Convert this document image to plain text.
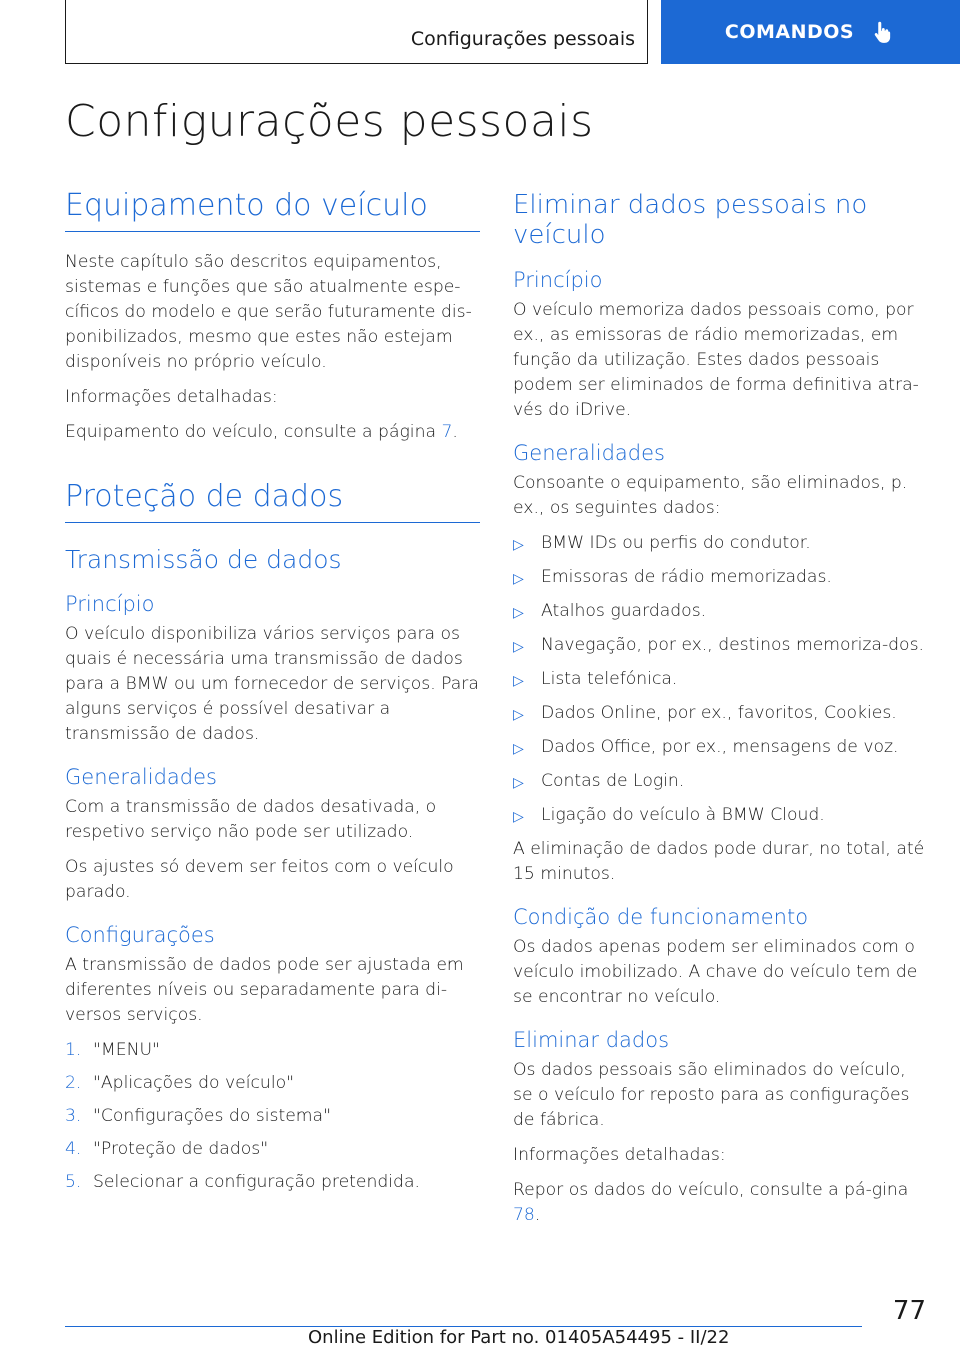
Configurações pessoais	COMANDOS
Configurações pessoais
Equipamento do veículo

Neste capítulo são descritos equipamentos, sistemas e funções que são atualmente espe-cíficos do modelo e que serão futuramente dis-ponibilizados, mesmo que estes não estejam disponíveis no próprio veículo.

Informações detalhadas:

Equipamento do veículo, consulte a página 7.

Proteção de dados
Transmissão de dados
Princípio

O veículo disponibiliza vários serviços para os quais é necessária uma transmissão de dados para a BMW ou um fornecedor de serviços. Para alguns serviços é possível desativar a transmissão de dados.

Generalidades

Com a transmissão de dados desativada, o respetivo serviço não pode ser utilizado.

Os ajustes só devem ser feitos com o veículo parado.

Configurações

A transmissão de dados pode ser ajustada em diferentes níveis ou separadamente para di-versos serviços.

1. "MENU"
2. "Aplicações do veículo"
3. "Configurações do sistema"
4. "Proteção de dados"
5. Selecionar a configuração pretendida.
Eliminar dados pessoais no veículo
Princípio

O veículo memoriza dados pessoais como, por ex., as emissoras de rádio memorizadas, em função da utilização. Estes dados pessoais podem ser eliminados de forma definitiva atra-vés do iDrive.

Generalidades

Consoante o equipamento, são eliminados, p. ex., os seguintes dados:

▷	BMW IDs ou perfis do condutor.
▷	Emissoras de rádio memorizadas.
▷	Atalhos guardados.
▷	Navegação, por ex., destinos memoriza-dos.
▷	Lista telefónica.
▷	Dados Online, por ex., favoritos, Cookies.
▷	Dados Office, por ex., mensagens de voz.
▷	Contas de Login.
▷	Ligação do veículo à BMW Cloud.

A eliminação de dados pode durar, no total, até 15 minutos.

Condição de funcionamento

Os dados apenas podem ser eliminados com o veículo imobilizado. A chave do veículo tem de se encontrar no veículo.

Eliminar dados

Os dados pessoais são eliminados do veículo, se o veículo for reposto para as configurações de fábrica.

Informações detalhadas:

Repor os dados do veículo, consulte a pá-gina 78.

77
Online Edition for Part no. 01405A54495 - II/22
